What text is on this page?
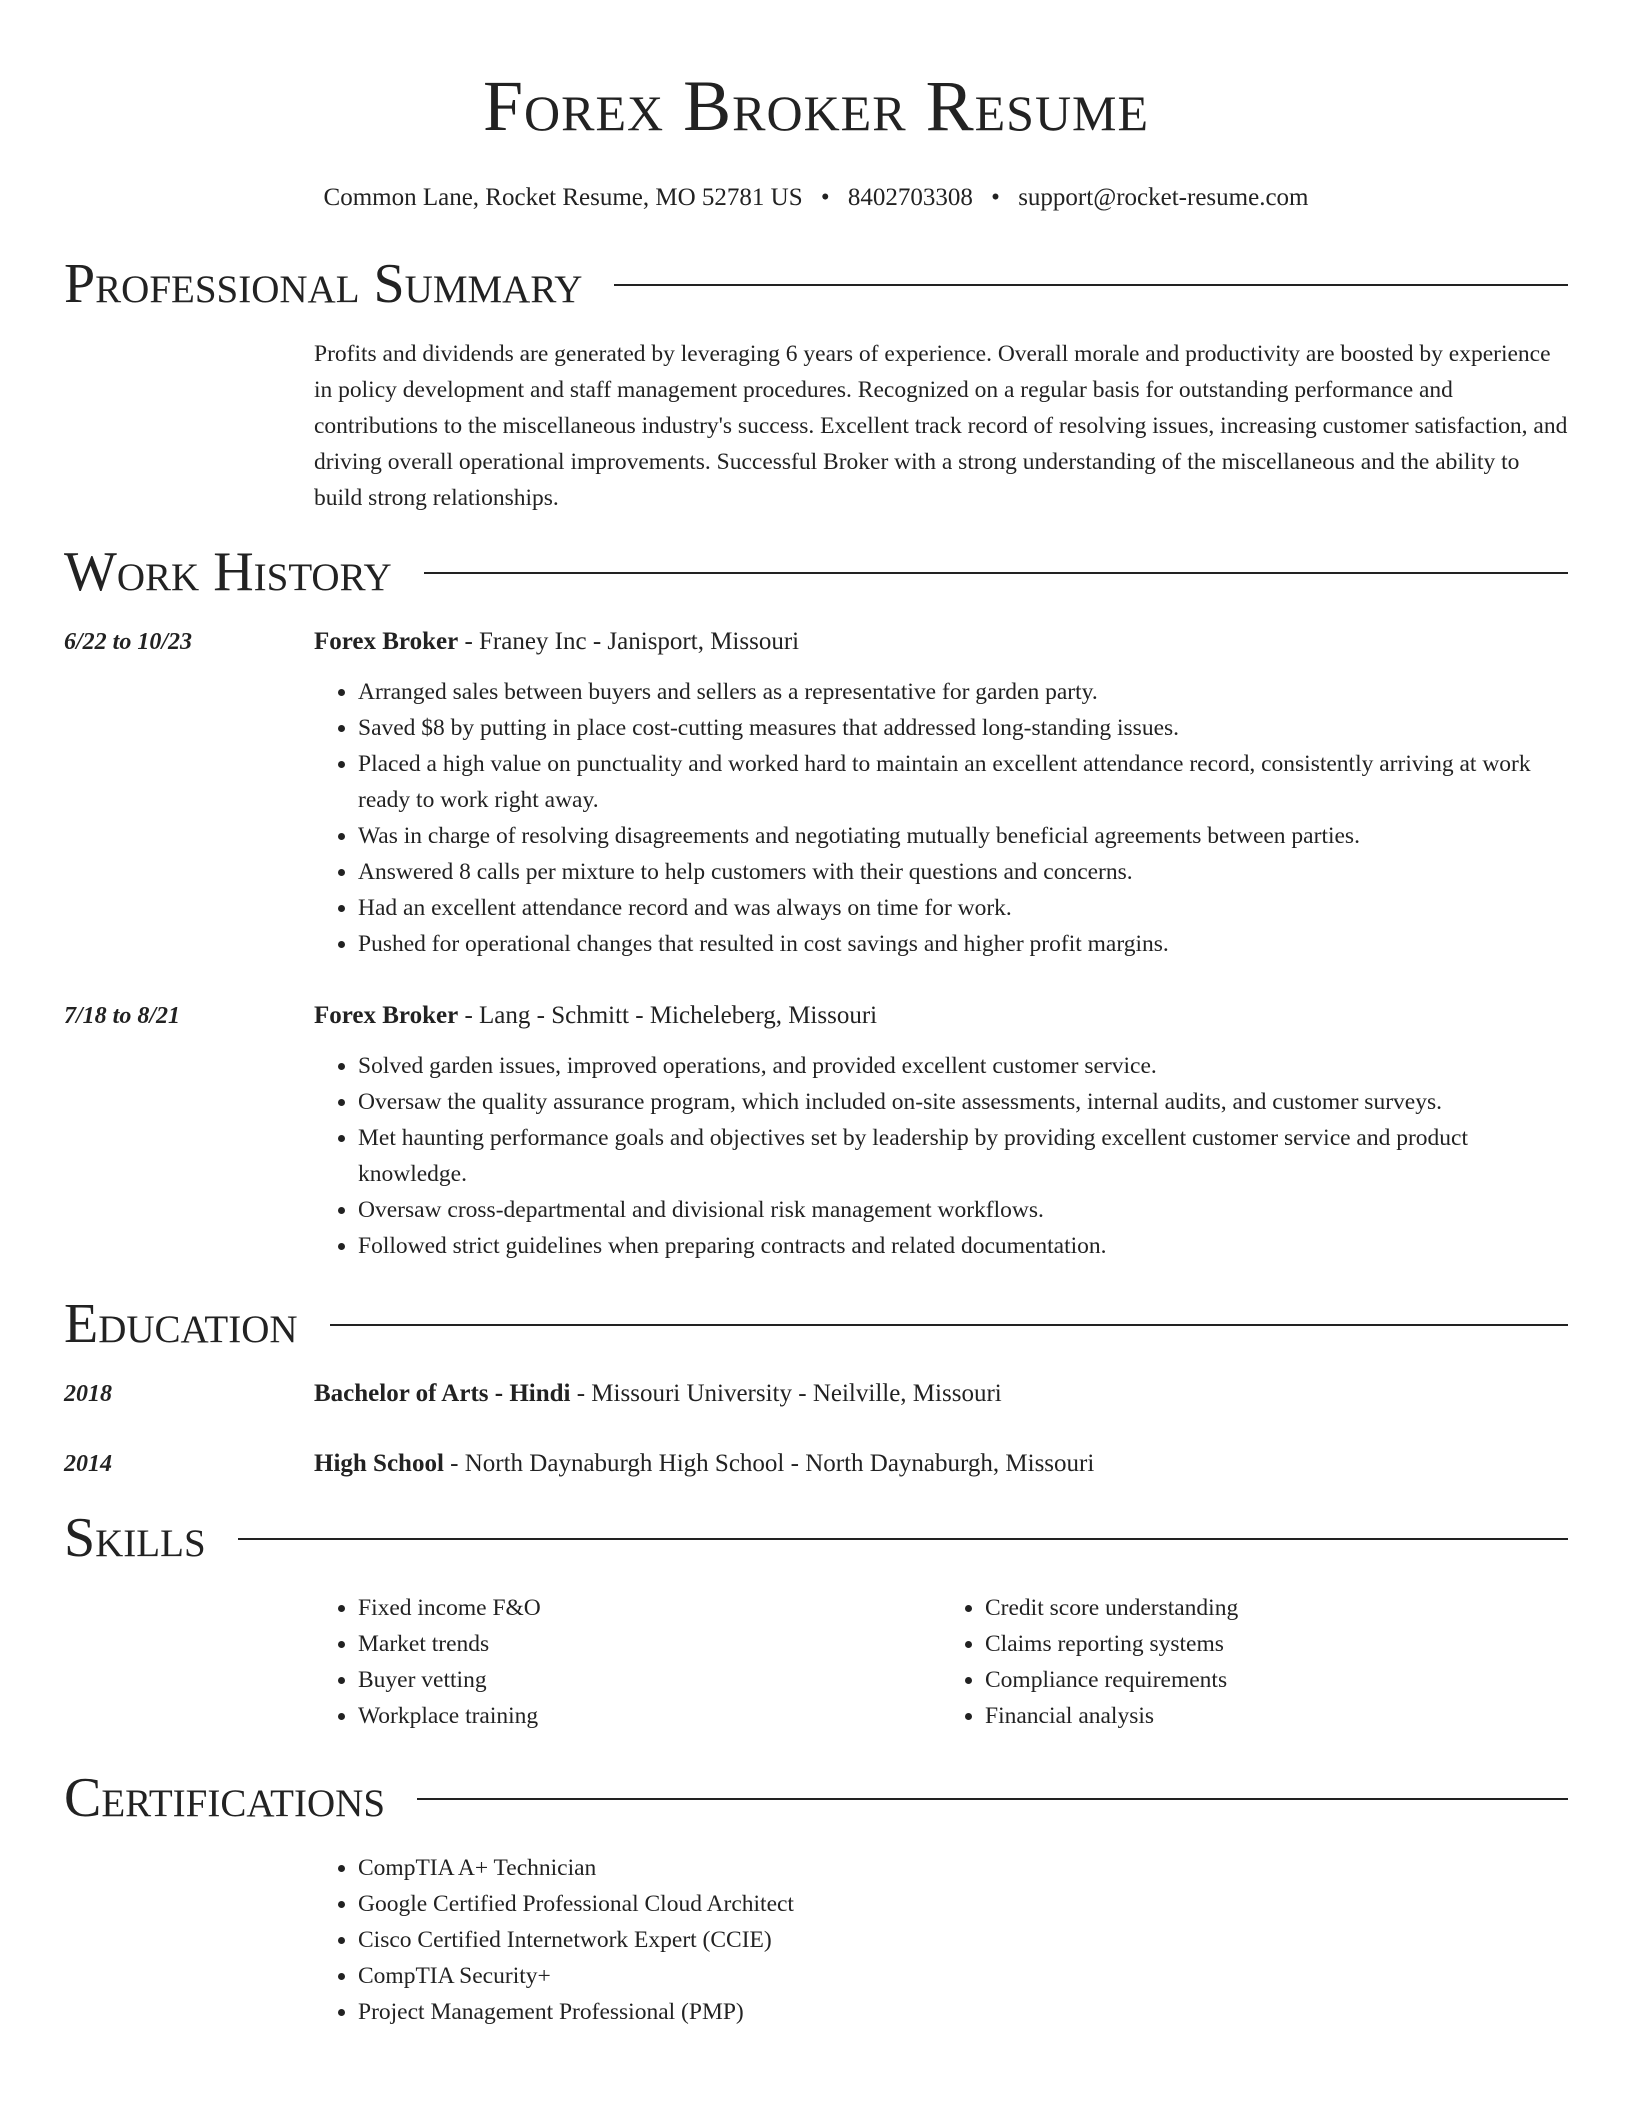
Forex Broker Resume
Common Lane, Rocket Resume, MO 52781 US • 8402703308 • support@rocket-resume.com
Professional Summary
Profits and dividends are generated by leveraging 6 years of experience. Overall morale and productivity are boosted by experience in policy development and staff management procedures. Recognized on a regular basis for outstanding performance and contributions to the miscellaneous industry's success. Excellent track record of resolving issues, increasing customer satisfaction, and driving overall operational improvements. Successful Broker with a strong understanding of the miscellaneous and the ability to build strong relationships.
Work History
6/22 to 10/23	Forex Broker - Franey Inc - Janisport, Missouri
• Arranged sales between buyers and sellers as a representative for garden party.
• Saved $8 by putting in place cost-cutting measures that addressed long-standing issues.
• Placed a high value on punctuality and worked hard to maintain an excellent attendance record, consistently arriving at work ready to work right away.
• Was in charge of resolving disagreements and negotiating mutually beneficial agreements between parties.
• Answered 8 calls per mixture to help customers with their questions and concerns.
• Had an excellent attendance record and was always on time for work.
• Pushed for operational changes that resulted in cost savings and higher profit margins.
7/18 to 8/21	Forex Broker - Lang - Schmitt - Micheleberg, Missouri
• Solved garden issues, improved operations, and provided excellent customer service.
• Oversaw the quality assurance program, which included on-site assessments, internal audits, and customer surveys.
• Met haunting performance goals and objectives set by leadership by providing excellent customer service and product knowledge.
• Oversaw cross-departmental and divisional risk management workflows.
• Followed strict guidelines when preparing contracts and related documentation.
Education
2018	Bachelor of Arts - Hindi - Missouri University - Neilville, Missouri
2014	High School - North Daynaburgh High School - North Daynaburgh, Missouri
Skills
• Fixed income F&O
• Market trends
• Buyer vetting
• Workplace training
• Credit score understanding
• Claims reporting systems
• Compliance requirements
• Financial analysis
Certifications
• CompTIA A+ Technician
• Google Certified Professional Cloud Architect
• Cisco Certified Internetwork Expert (CCIE)
• CompTIA Security+
• Project Management Professional (PMP)
